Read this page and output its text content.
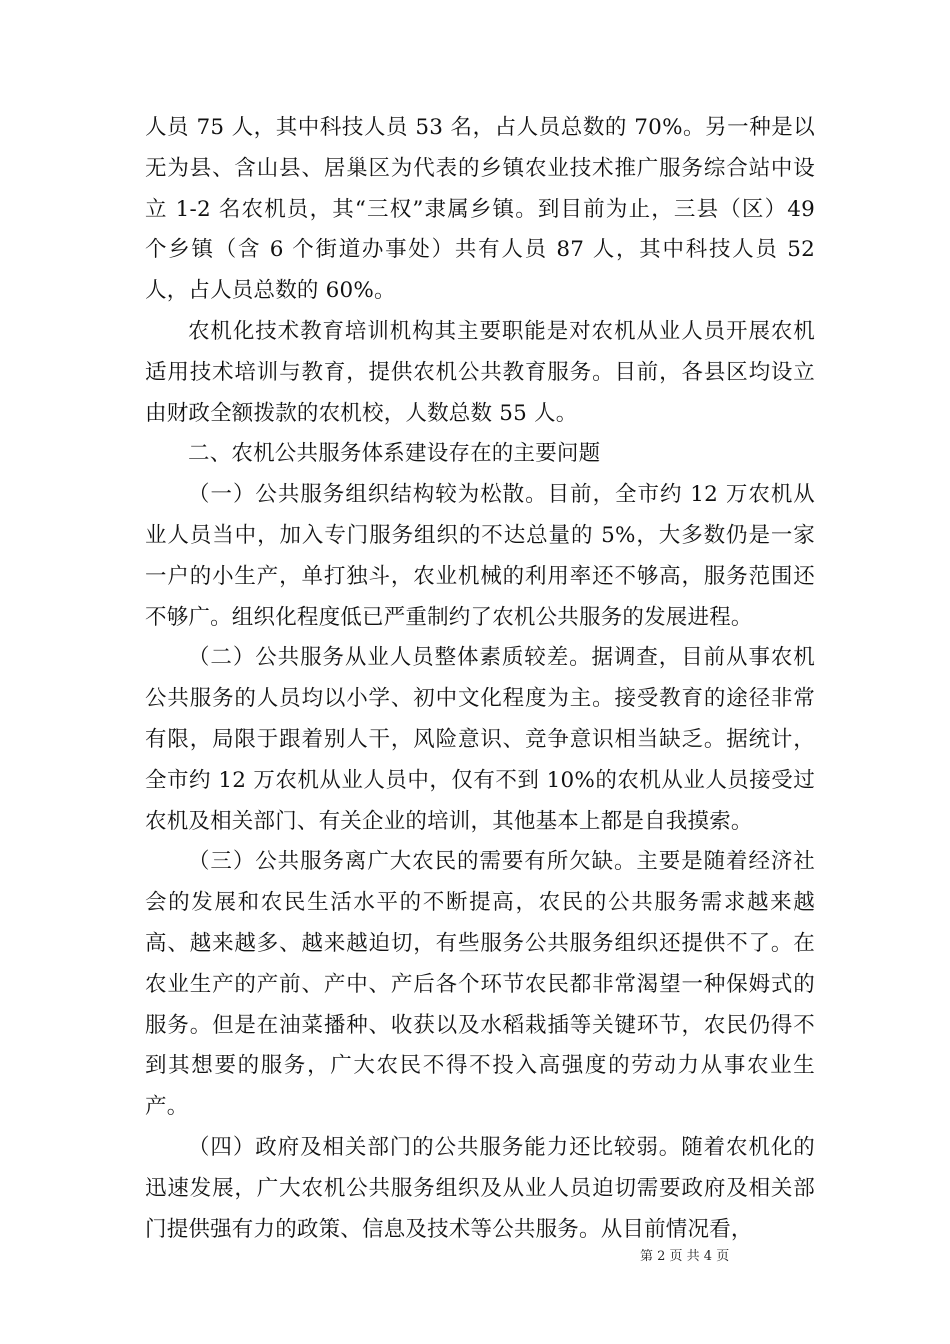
人员 75 人，其中科技人员 53 名，占人员总数的 70%。另一种是以无为县、含山县、居巢区为代表的乡镇农业技术推广服务综合站中设立 1-2 名农机员，其“三权”隶属乡镇。到目前为止，三县（区）49 个乡镇（含 6 个街道办事处）共有人员 87 人，其中科技人员 52 人，占人员总数的 60%。

农机化技术教育培训机构其主要职能是对农机从业人员开展农机适用技术培训与教育，提供农机公共教育服务。目前，各县区均设立由财政全额拨款的农机校，人数总数 55 人。

二、农机公共服务体系建设存在的主要问题

（一）公共服务组织结构较为松散。目前，全市约 12 万农机从业人员当中，加入专门服务组织的不达总量的 5%，大多数仍是一家一户的小生产，单打独斗，农业机械的利用率还不够高，服务范围还不够广。组织化程度低已严重制约了农机公共服务的发展进程。

（二）公共服务从业人员整体素质较差。据调查，目前从事农机公共服务的人员均以小学、初中文化程度为主。接受教育的途径非常有限，局限于跟着别人干，风险意识、竞争意识相当缺乏。据统计，全市约 12 万农机从业人员中，仅有不到 10%的农机从业人员接受过农机及相关部门、有关企业的培训，其他基本上都是自我摸索。

（三）公共服务离广大农民的需要有所欠缺。主要是随着经济社会的发展和农民生活水平的不断提高，农民的公共服务需求越来越高、越来越多、越来越迫切，有些服务公共服务组织还提供不了。在农业生产的产前、产中、产后各个环节农民都非常渴望一种保姆式的服务。但是在油菜播种、收获以及水稻栽插等关键环节，农民仍得不到其想要的服务，广大农民不得不投入高强度的劳动力从事农业生产。

（四）政府及相关部门的公共服务能力还比较弱。随着农机化的迅速发展，广大农机公共服务组织及从业人员迫切需要政府及相关部门提供强有力的政策、信息及技术等公共服务。从目前情况看，

第 2 页 共 4 页
